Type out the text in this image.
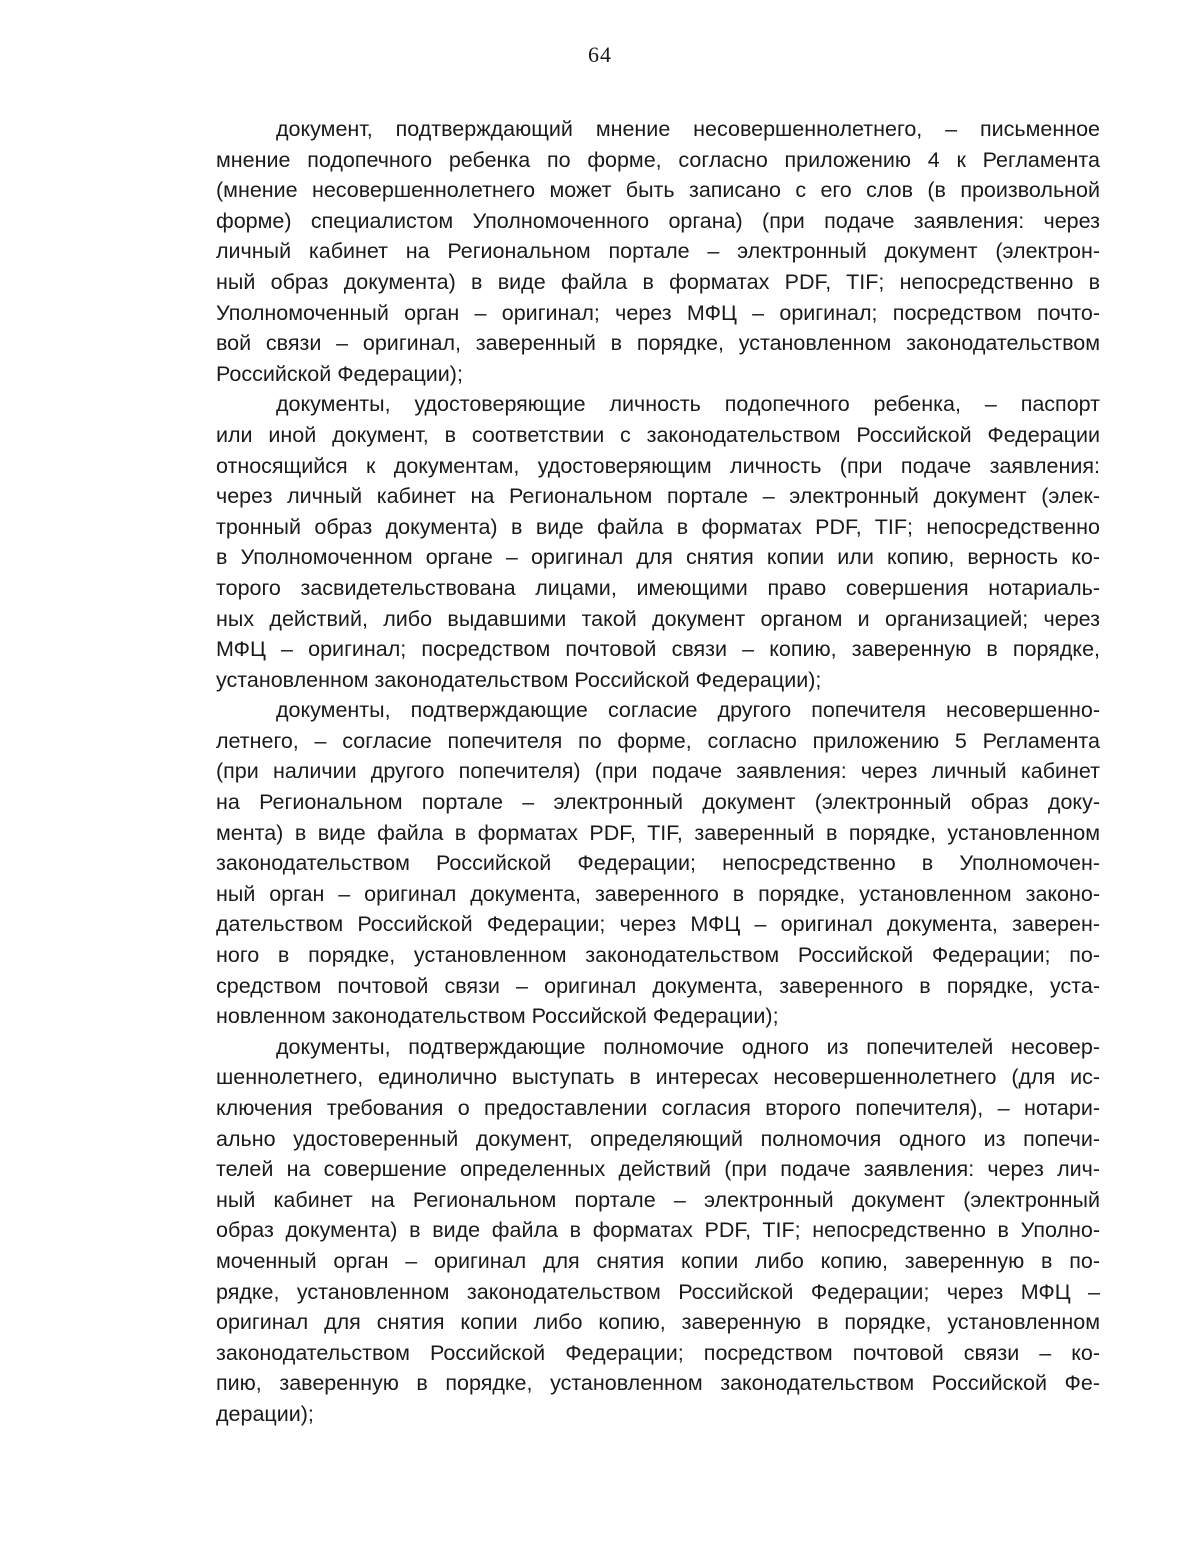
64

документ, подтверждающий мнение несовершеннолетнего, – письменное
мнение подопечного ребенка по форме, согласно приложению 4 к Регламента
(мнение несовершеннолетнего может быть записано с его слов (в произвольной
форме) специалистом Уполномоченного органа) (при подаче заявления: через
личный кабинет на Региональном портале – электронный документ (электрон-
ный образ документа) в виде файла в форматах PDF, TIF; непосредственно в
Уполномоченный орган – оригинал; через МФЦ – оригинал; посредством почто-
вой связи – оригинал, заверенный в порядке, установленном законодательством
Российской Федерации);

документы, удостоверяющие личность подопечного ребенка, – паспорт
или иной документ, в соответствии с законодательством Российской Федерации
относящийся к документам, удостоверяющим личность (при подаче заявления:
через личный кабинет на Региональном портале – электронный документ (элек-
тронный образ документа) в виде файла в форматах PDF, TIF; непосредственно
в Уполномоченном органе – оригинал для снятия копии или копию, верность ко-
торого засвидетельствована лицами, имеющими право совершения нотариаль-
ных действий, либо выдавшими такой документ органом и организацией; через
МФЦ – оригинал; посредством почтовой связи – копию, заверенную в порядке,
установленном законодательством Российской Федерации);

документы, подтверждающие согласие другого попечителя несовершенно-
летнего, – согласие попечителя по форме, согласно приложению 5 Регламента
(при наличии другого попечителя) (при подаче заявления: через личный кабинет
на Региональном портале – электронный документ (электронный образ доку-
мента) в виде файла в форматах PDF, TIF, заверенный в порядке, установленном
законодательством Российской Федерации; непосредственно в Уполномочен-
ный орган – оригинал документа, заверенного в порядке, установленном законо-
дательством Российской Федерации; через МФЦ – оригинал документа, заверен-
ного в порядке, установленном законодательством Российской Федерации; по-
средством почтовой связи – оригинал документа, заверенного в порядке, уста-
новленном законодательством Российской Федерации);

документы, подтверждающие полномочие одного из попечителей несовер-
шеннолетнего, единолично выступать в интересах несовершеннолетнего (для ис-
ключения требования о предоставлении согласия второго попечителя), – нотари-
ально удостоверенный документ, определяющий полномочия одного из попечи-
телей на совершение определенных действий (при подаче заявления: через лич-
ный кабинет на Региональном портале – электронный документ (электронный
образ документа) в виде файла в форматах PDF, TIF; непосредственно в Уполно-
моченный орган – оригинал для снятия копии либо копию, заверенную в по-
рядке, установленном законодательством Российской Федерации; через МФЦ –
оригинал для снятия копии либо копию, заверенную в порядке, установленном
законодательством Российской Федерации; посредством почтовой связи – ко-
пию, заверенную в порядке, установленном законодательством Российской Фе-
дерации);
